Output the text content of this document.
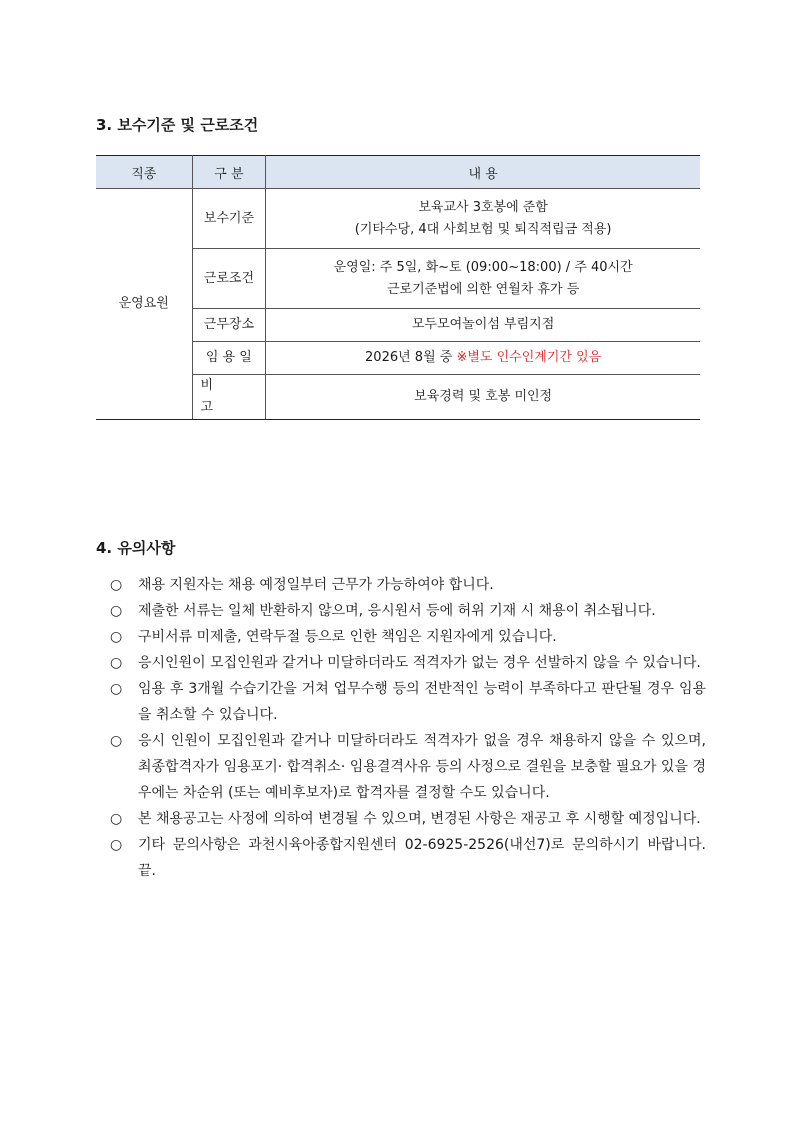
3. 보수기준 및 근로조건
직종	구 분	내 용
운영요원	보수기준	보육교사 3호봉에 준함
(기타수당, 4대 사회보험 및 퇴직적립금 적용)

	근로조건	운영일: 주 5일, 화~토 (09:00~18:00) / 주 40시간
근로기준법에 의한 연월차 휴가 등

	근무장소	모두모여놀이섬 부림지점
	임 용 일	2026년 8월 중 ※별도 인수인계기간 있음
	비 고	보육경력 및 호봉 미인정
4. 유의사항
○	채용 지원자는 채용 예정일부터 근무가 가능하여야 합니다.
○	제출한 서류는 일체 반환하지 않으며, 응시원서 등에 허위 기재 시 채용이 취소됩니다.
○	구비서류 미제출, 연락두절 등으로 인한 책임은 지원자에게 있습니다.
○	응시인원이 모집인원과 같거나 미달하더라도 적격자가 없는 경우 선발하지 않을 수 있습니다.
○	임용 후 3개월 수습기간을 거쳐 업무수행 등의 전반적인 능력이 부족하다고 판단될 경우 임용을 취소할 수 있습니다.
○	응시 인원이 모집인원과 같거나 미달하더라도 적격자가 없을 경우 채용하지 않을 수 있으며, 최종합격자가 임용포기· 합격취소· 임용결격사유 등의 사정으로 결원을 보충할 필요가 있을 경우에는 차순위 (또는 예비후보자)로 합격자를 결정할 수도 있습니다.
○	본 채용공고는 사정에 의하여 변경될 수 있으며, 변경된 사항은 재공고 후 시행할 예정입니다.
○	기타 문의사항은 과천시육아종합지원센터 02-6925-2526(내선7)로 문의하시기 바랍니다. 끝.
